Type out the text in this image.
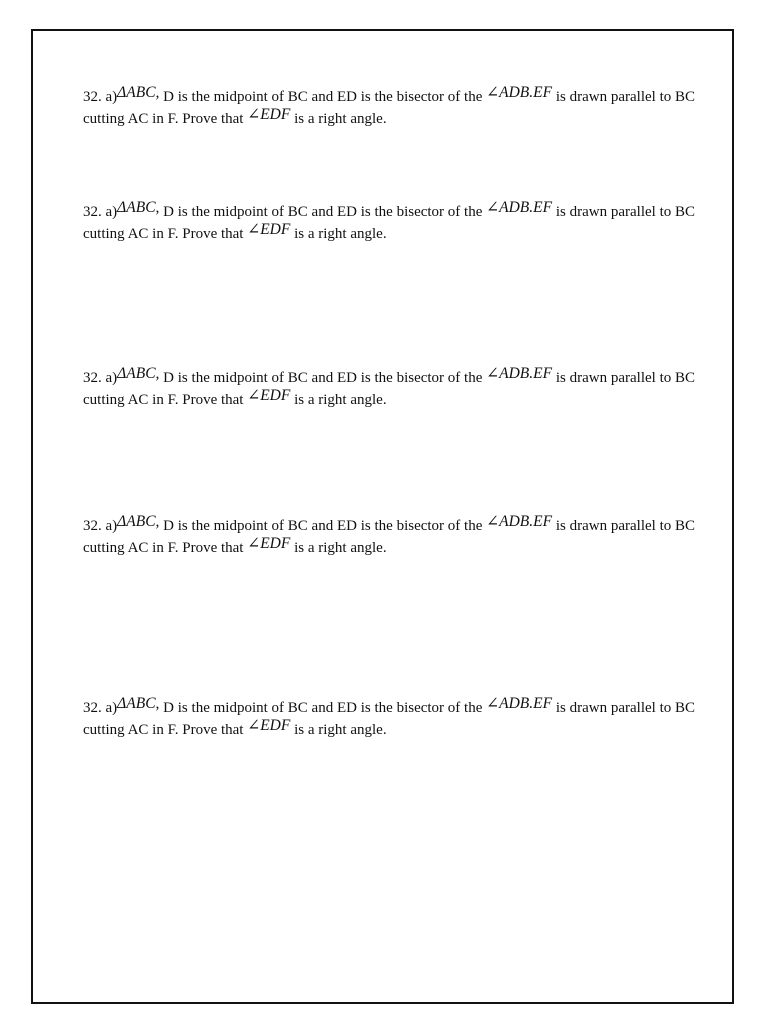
32. a)ΔABC, D is the midpoint of BC and ED is the bisector of the ∠ADB.EF is drawn parallel to BC cutting AC in F. Prove that ∠EDF is a right angle.

32. a)ΔABC, D is the midpoint of BC and ED is the bisector of the ∠ADB.EF is drawn parallel to BC cutting AC in F. Prove that ∠EDF is a right angle.

32. a)ΔABC, D is the midpoint of BC and ED is the bisector of the ∠ADB.EF is drawn parallel to BC cutting AC in F. Prove that ∠EDF is a right angle.

32. a)ΔABC, D is the midpoint of BC and ED is the bisector of the ∠ADB.EF is drawn parallel to BC cutting AC in F. Prove that ∠EDF is a right angle.

32. a)ΔABC, D is the midpoint of BC and ED is the bisector of the ∠ADB.EF is drawn parallel to BC cutting AC in F. Prove that ∠EDF is a right angle.
